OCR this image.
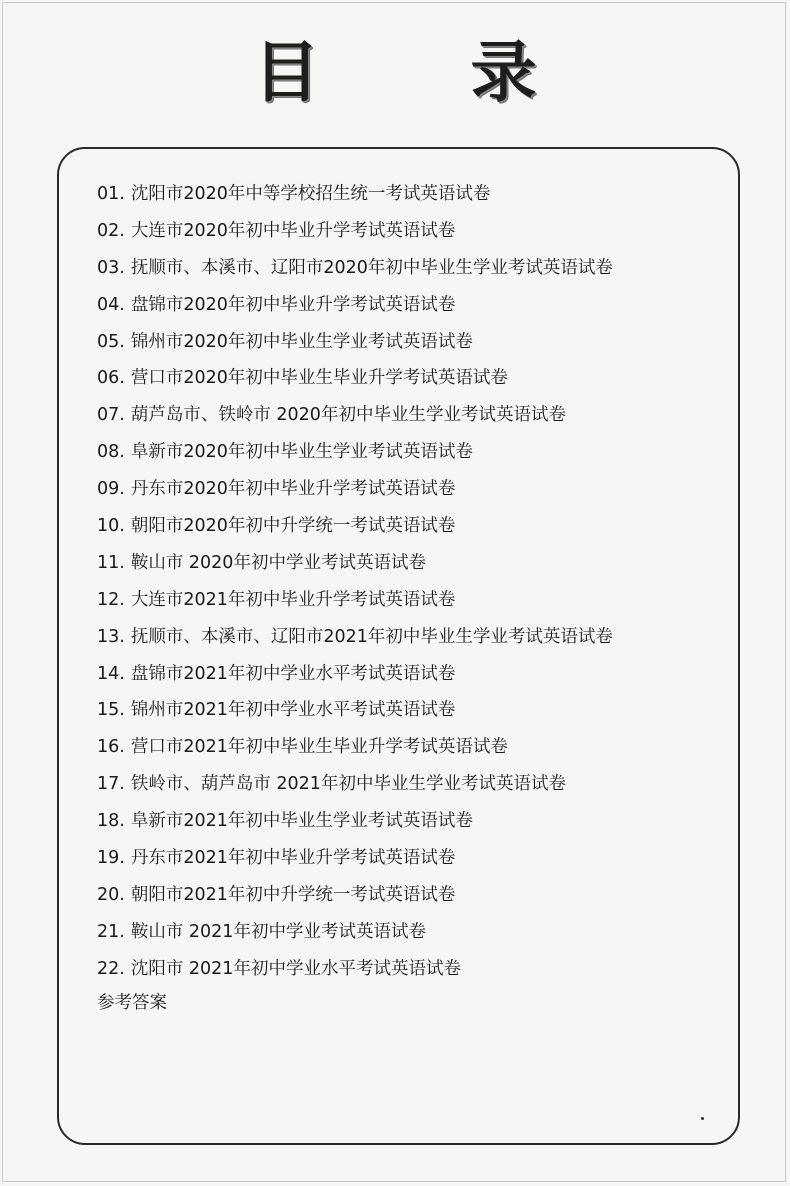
目 录
01. 沈阳市2020年中等学校招生统一考试英语试卷
02. 大连市2020年初中毕业升学考试英语试卷
03. 抚顺市、本溪市、辽阳市2020年初中毕业生学业考试英语试卷
04. 盘锦市2020年初中毕业升学考试英语试卷
05. 锦州市2020年初中毕业生学业考试英语试卷
06. 营口市2020年初中毕业生毕业升学考试英语试卷
07. 葫芦岛市、铁岭市 2020年初中毕业生学业考试英语试卷
08. 阜新市2020年初中毕业生学业考试英语试卷
09. 丹东市2020年初中毕业升学考试英语试卷
10. 朝阳市2020年初中升学统一考试英语试卷
11. 鞍山市 2020年初中学业考试英语试卷
12. 大连市2021年初中毕业升学考试英语试卷
13. 抚顺市、本溪市、辽阳市2021年初中毕业生学业考试英语试卷
14. 盘锦市2021年初中学业水平考试英语试卷
15. 锦州市2021年初中学业水平考试英语试卷
16. 营口市2021年初中毕业生毕业升学考试英语试卷
17. 铁岭市、葫芦岛市 2021年初中毕业生学业考试英语试卷
18. 阜新市2021年初中毕业生学业考试英语试卷
19. 丹东市2021年初中毕业升学考试英语试卷
20. 朝阳市2021年初中升学统一考试英语试卷
21. 鞍山市 2021年初中学业考试英语试卷
22. 沈阳市 2021年初中学业水平考试英语试卷
参考答案
